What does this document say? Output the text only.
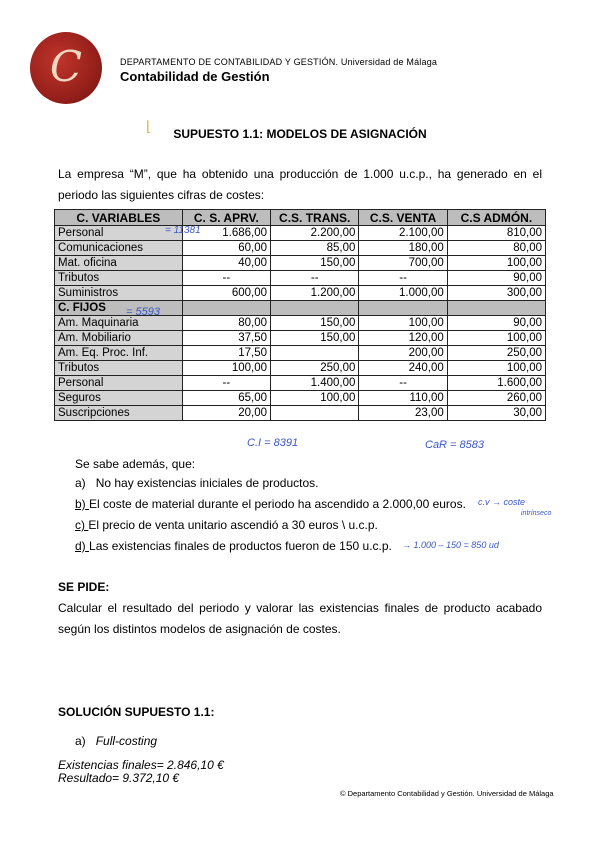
C	DEPARTAMENTO DE CONTABILIDAD Y GESTIÓN. Universidad de Málaga
Contabilidad de Gestión
⌊	SUPUESTO 1.1: MODELOS DE ASIGNACIÓN
La empresa “M”, que ha obtenido una producción de 1.000 u.c.p., ha generado en el periodo las siguientes cifras de costes:
C. VARIABLES	C. S. APRV.	C.S. TRANS.	C.S. VENTA	C.S ADMÓN.
Personal	1.686,00	2.200,00	2.100,00	810,00
Comunicaciones	60,00	85,00	180,00	80,00
Mat. oficina	40,00	150,00	700,00	100,00
Tributos	--	--	--	90,00
Suministros	600,00	1.200,00	1.000,00	300,00
C. FIJOS				
Am. Maquinaria	80,00	150,00	100,00	90,00
Am. Mobiliario	37,50	150,00	120,00	100,00
Am. Eq. Proc. Inf.	17,50		200,00	250,00
Tributos	100,00	250,00	240,00	100,00
Personal	--	1.400,00	--	1.600,00
Seguros	65,00	100,00	110,00	260,00
Suscripciones	20,00		23,00	30,00
= 11381
= 5593
C.I = 8391	CaR = 8583
Se sabe además, que:
a) No hay existencias iniciales de productos.
b) El coste de material durante el periodo ha ascendido a 2.000,00 euros. c.v → coste
intrínseco
c) El precio de venta unitario ascendió a 30 euros \ u.c.p.
d) Las existencias finales de productos fueron de 150 u.c.p. → 1.000 – 150 = 850 ud
SE PIDE:
Calcular el resultado del periodo y valorar las existencias finales de producto acabado según los distintos modelos de asignación de costes.
SOLUCIÓN SUPUESTO 1.1:
a) Full-costing
Existencias finales= 2.846,10 €
Resultado= 9.372,10 €
© Departamento Contabilidad y Gestión. Universidad de Málaga
